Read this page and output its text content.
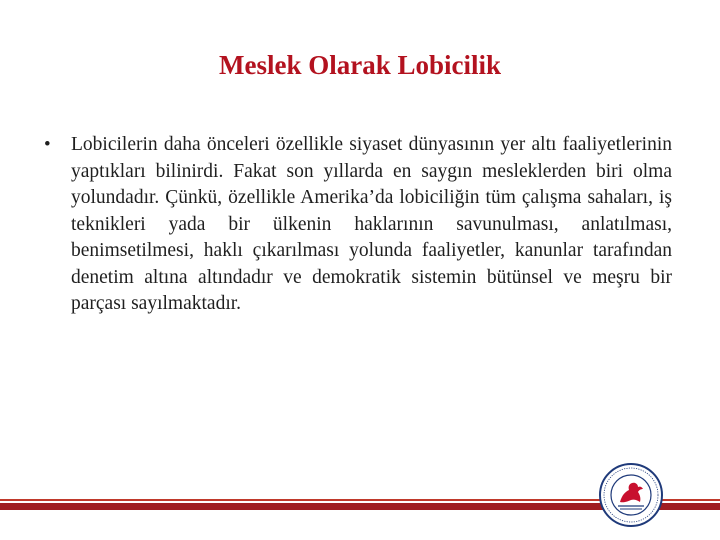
Meslek Olarak Lobicilik
•	Lobicilerin daha önceleri özellikle siyaset dünyasının yer altı faaliyetlerinin yaptıkları bilinirdi. Fakat son yıllarda en saygın mesleklerden biri olma yolundadır. Çünkü, özellikle Amerika’da lobiciliğin tüm çalışma sahaları, iş teknikleri yada bir ülkenin haklarının savunulması, anlatılması, benimsetilmesi, haklı çıkarılması yolunda faaliyetler, kanunlar tarafından denetim altına altındadır ve demokratik sistemin bütünsel ve meşru bir parçası sayılmaktadır.
